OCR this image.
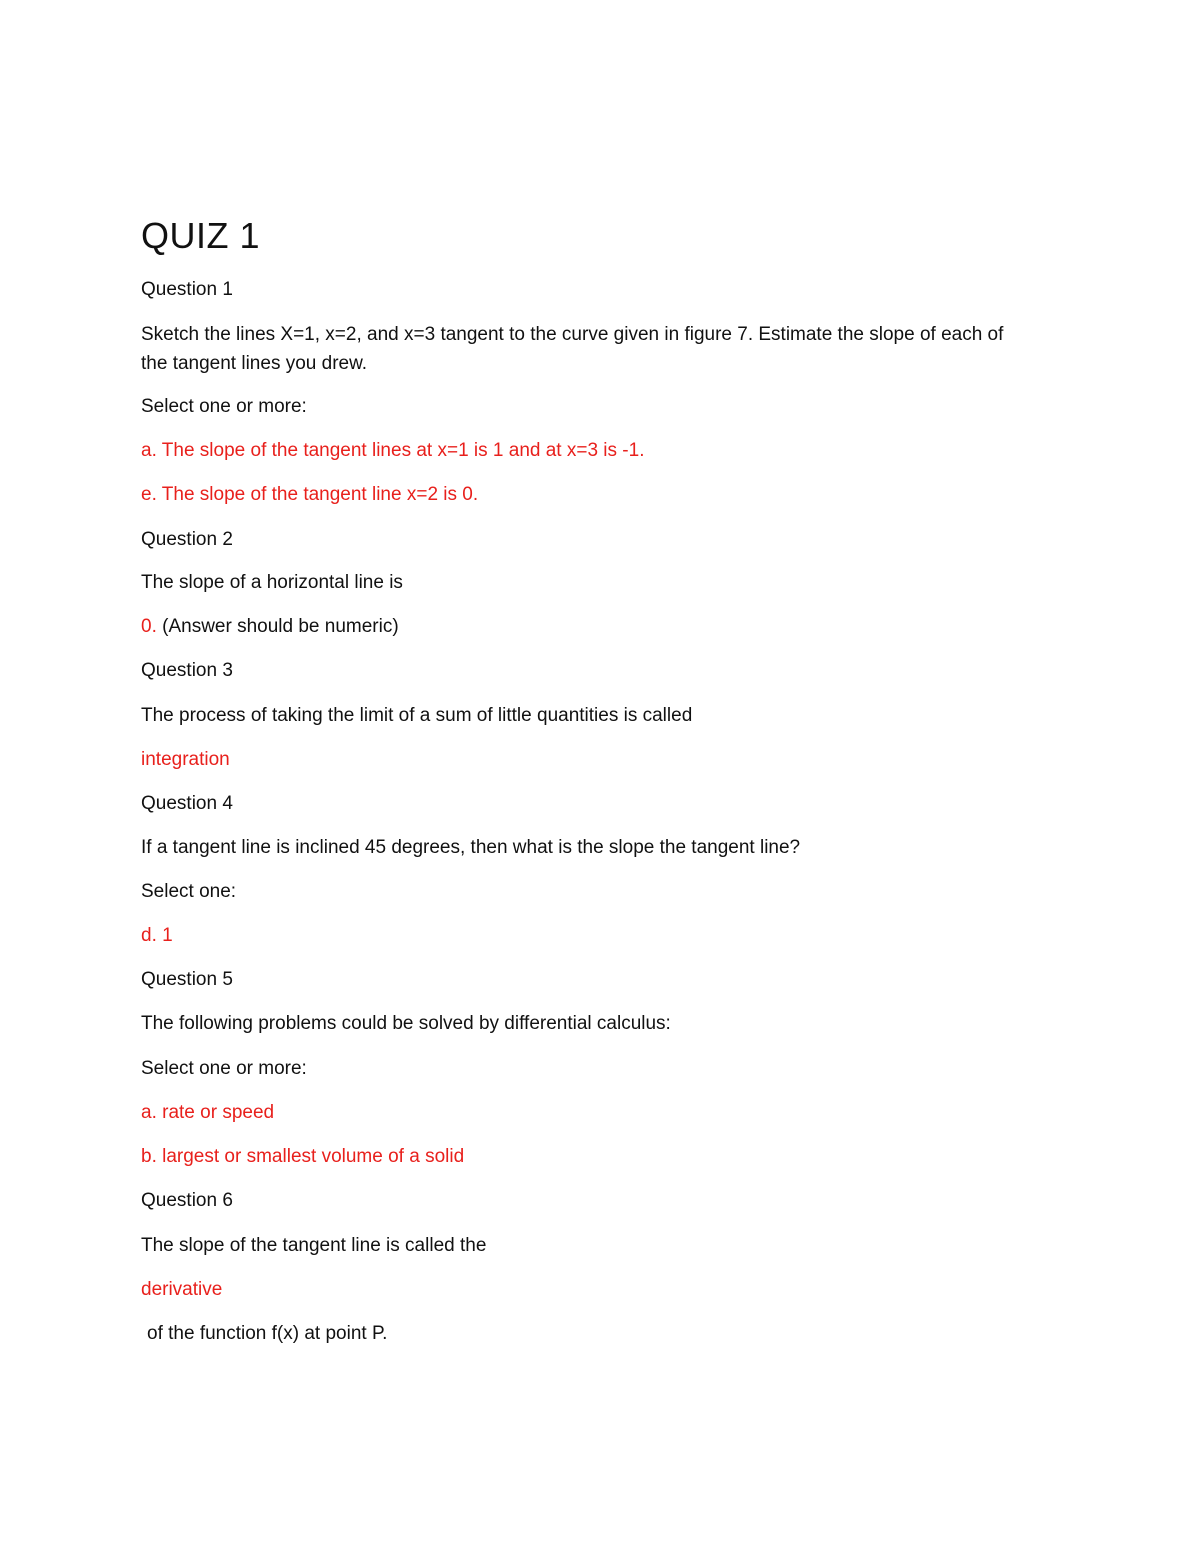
QUIZ 1

Question 1

Sketch the lines X=1, x=2, and x=3 tangent to the curve given in figure 7. Estimate the slope of each of

the tangent lines you drew.

Select one or more:

a. The slope of the tangent lines at x=1 is 1 and at x=3 is -1.

e. The slope of the tangent line x=2 is 0.

Question 2

The slope of a horizontal line is

0. (Answer should be numeric)

Question 3

The process of taking the limit of a sum of little quantities is called

integration

Question 4

If a tangent line is inclined 45 degrees, then what is the slope the tangent line?

Select one:

d. 1

Question 5

The following problems could be solved by differential calculus:

Select one or more:

a. rate or speed

b. largest or smallest volume of a solid

Question 6

The slope of the tangent line is called the

derivative

of the function f(x) at point P.
